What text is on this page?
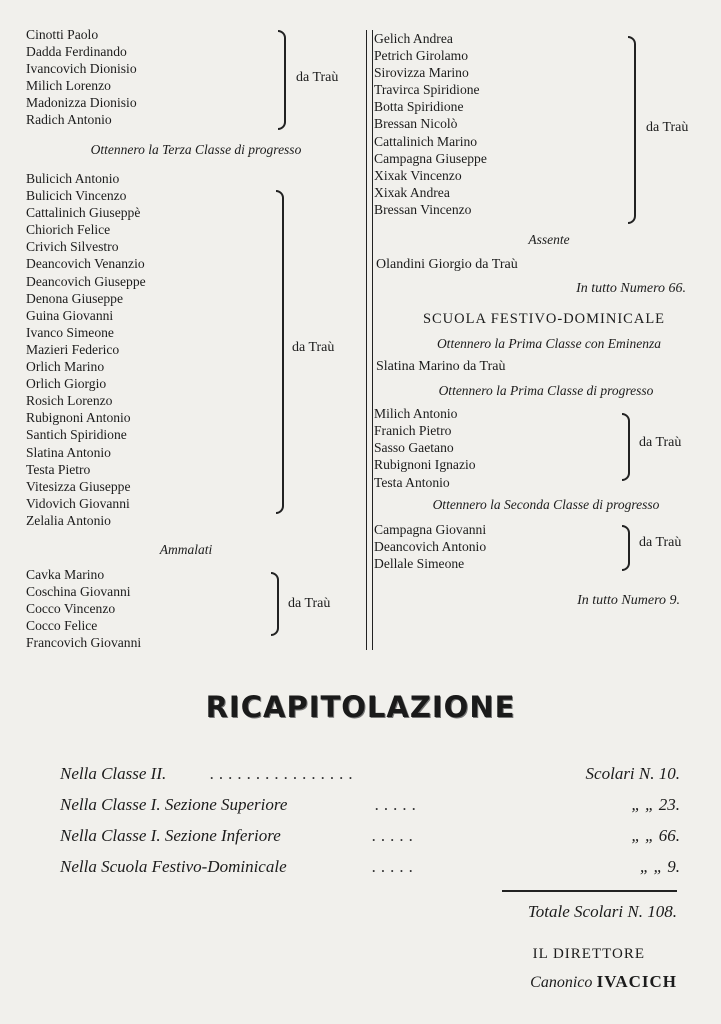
Cinotti Paolo
Dadda Ferdinando
Ivancovich Dionisio
Milich Lorenzo
Madonizza Dionisio
Radich Antonio
da Traù
Ottennero la Terza Classe di progresso
Bulicich Antonio
Bulicich Vincenzo
Cattalinich Giuseppè
Chiorich Felice
Crivich Silvestro
Deancovich Venanzio
Deancovich Giuseppe
Denona Giuseppe
Guina Giovanni
Ivanco Simeone
Mazieri Federico
Orlich Marino
Orlich Giorgio
Rosich Lorenzo
Rubignoni Antonio
Santich Spiridione
Slatina Antonio
Testa Pietro
Vitesizza Giuseppe
Vidovich Giovanni
Zelalia Antonio
da Traù
Ammalati
Cavka Marino
Coschina Giovanni
Cocco Vincenzo
Cocco Felice
Francovich Giovanni
da Traù
Gelich Andrea
Petrich Girolamo
Sirovizza Marino
Travirca Spiridione
Botta Spiridione
Bressan Nicolò
Cattalinich Marino
Campagna Giuseppe
Xixak Vincenzo
Xixak Andrea
Bressan Vincenzo
da Traù
Assente
Olandini Giorgio da Traù
In tutto Numero 66.
SCUOLA FESTIVO-DOMINICALE
Ottennero la Prima Classe con Eminenza
Slatina Marino da Traù
Ottennero la Prima Classe di progresso
Milich Antonio
Franich Pietro
Sasso Gaetano
Rubignoni Ignazio
Testa Antonio
da Traù
Ottennero la Seconda Classe di progresso
Campagna Giovanni
Deancovich Antonio
Dellale Simeone
da Traù
In tutto Numero 9.
RICAPITOLAZIONE
Nella Classe II.	................	Scolari N. 10.
Nella Classe I. Sezione Superiore	.....	„ „ 23.
Nella Classe I. Sezione Inferiore	.....	„ „ 66.
Nella Scuola Festivo-Dominicale	.....	„ „ 9.
Totale Scolari N. 108.
IL DIRETTORE
Canonico IVACICH
